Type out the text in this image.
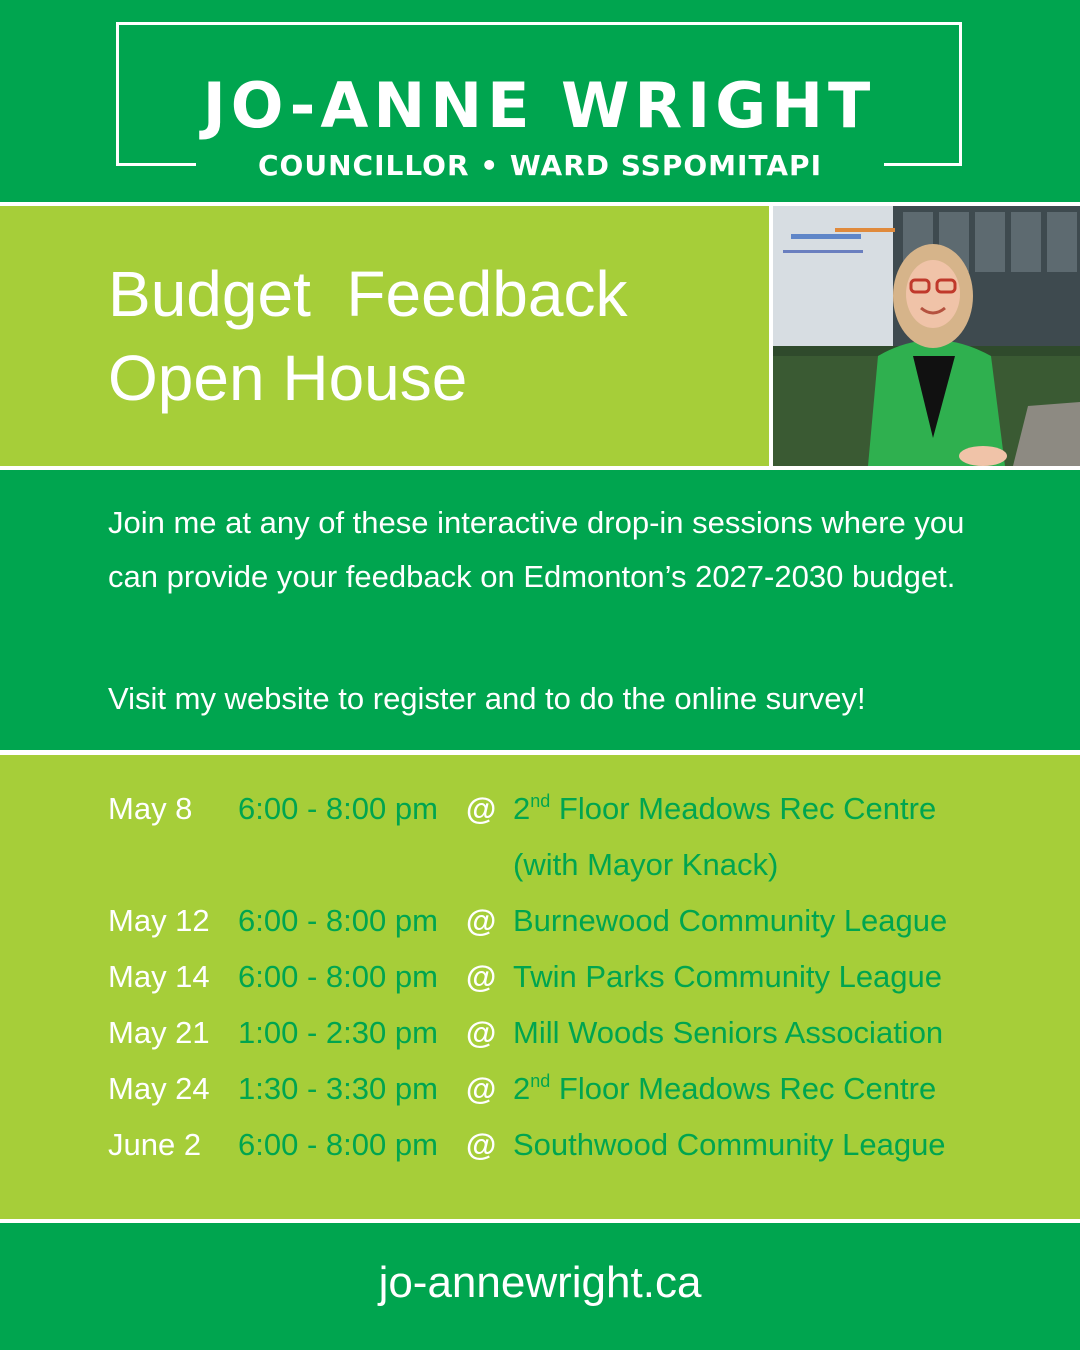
JO-ANNE WRIGHT
COUNCILLOR • WARD SSPOMITAPI
Budget  Feedback
Open House

Join me at any of these interactive drop-in sessions where you can provide your feedback on Edmonton’s 2027-2030 budget.

Visit my website to register and to do the online survey!

May 8 6:00 - 8:00 pm @ 2nd Floor Meadows Rec Centre
(with Mayor Knack)
May 12 6:00 - 8:00 pm @ Burnewood Community League
May 14 6:00 - 8:00 pm @ Twin Parks Community League
May 21 1:00 - 2:30 pm @ Mill Woods Seniors Association
May 24 1:30 - 3:30 pm @ 2nd Floor Meadows Rec Centre
June 2 6:00 - 8:00 pm @ Southwood Community League
jo-annewright.ca
